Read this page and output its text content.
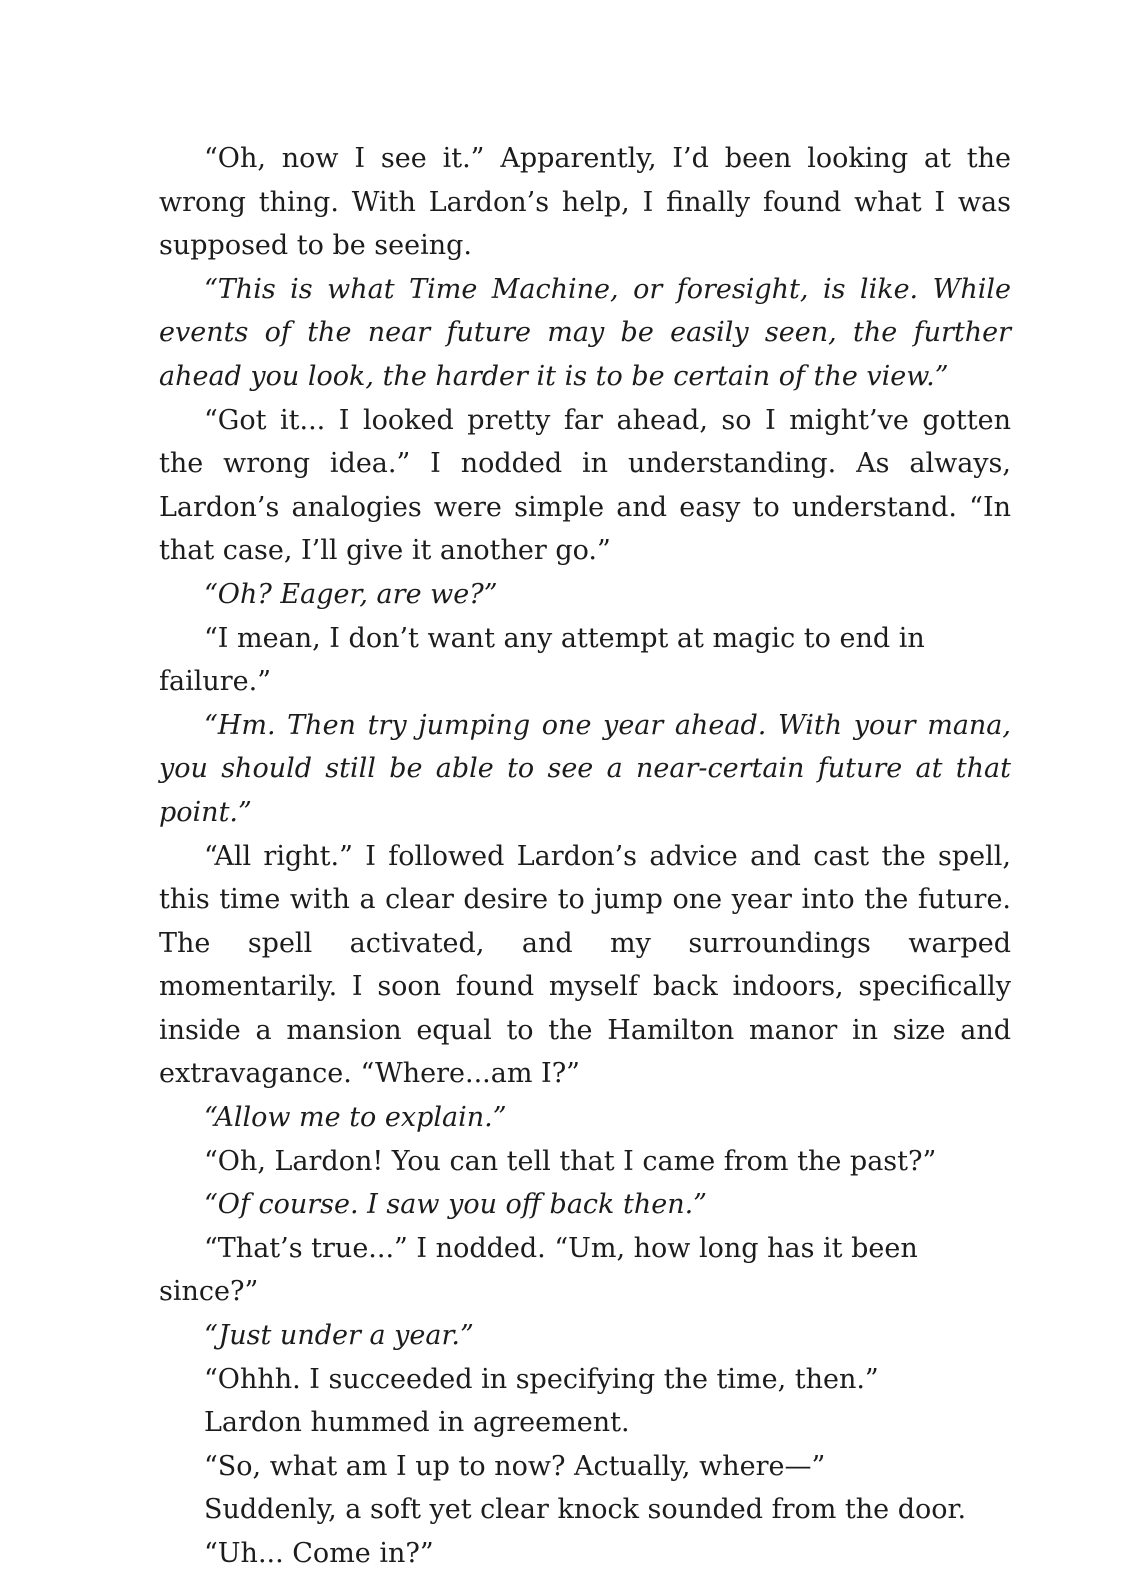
“Oh, now I see it.” Apparently, I’d been looking at the wrong thing. With Lardon’s help, I finally found what I was supposed to be seeing.

“This is what Time Machine, or foresight, is like. While events of the near future may be easily seen, the further ahead you look, the harder it is to be certain of the view.”

“Got it... I looked pretty far ahead, so I might’ve gotten the wrong idea.” I nodded in understanding. As always, Lardon’s analogies were simple and easy to understand. “In that case, I’ll give it another go.”

“Oh? Eager, are we?”

“I mean, I don’t want any attempt at magic to end in failure.”

“Hm. Then try jumping one year ahead. With your mana, you should still be able to see a near-certain future at that point.”

“All right.” I followed Lardon’s advice and cast the spell, this time with a clear desire to jump one year into the future. The spell activated, and my surroundings warped momentarily. I soon found myself back indoors, specifically inside a mansion equal to the Hamilton manor in size and extravagance. “Where...am I?”

“Allow me to explain.”

“Oh, Lardon! You can tell that I came from the past?”

“Of course. I saw you off back then.”

“That’s true...” I nodded. “Um, how long has it been since?”

“Just under a year.”

“Ohhh. I succeeded in specifying the time, then.”

Lardon hummed in agreement.

“So, what am I up to now? Actually, where—”

Suddenly, a soft yet clear knock sounded from the door.

“Uh... Come in?”
